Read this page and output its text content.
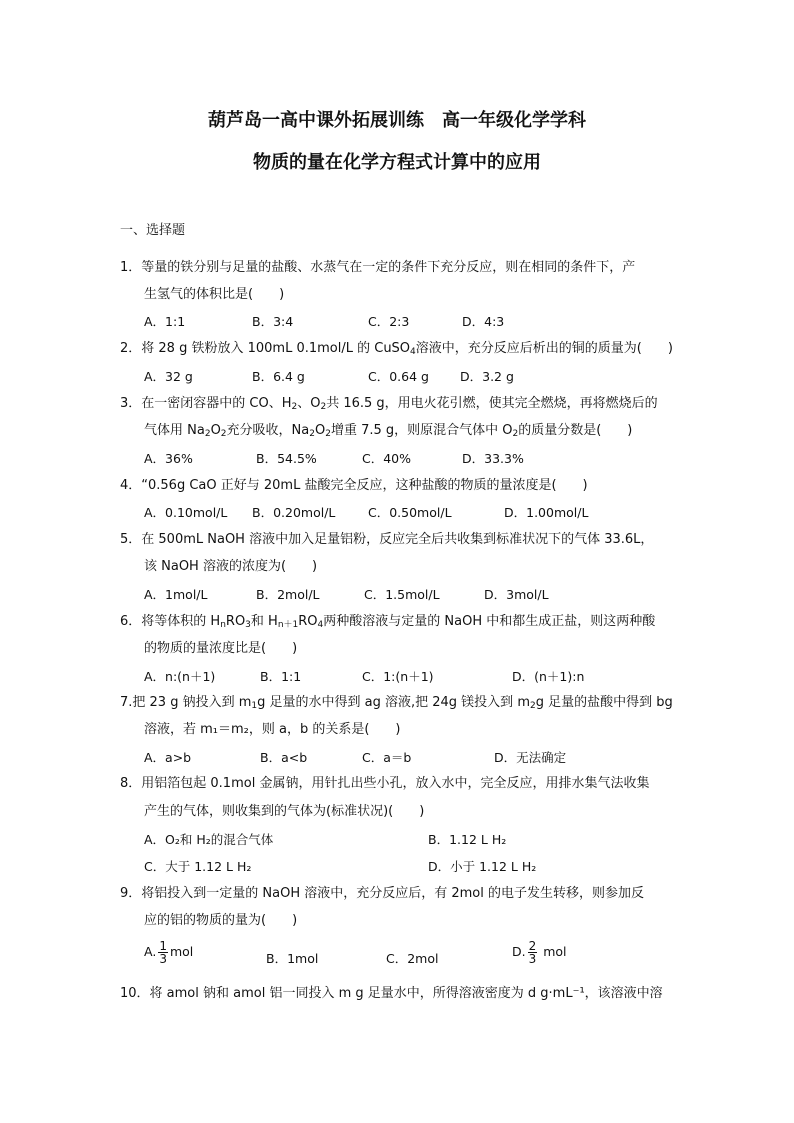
葫芦岛一高中课外拓展训练　高一年级化学学科
物质的量在化学方程式计算中的应用
一、选择题
1．等量的铁分别与足量的盐酸、水蒸气在一定的条件下充分反应，则在相同的条件下，产
生氢气的体积比是(　　)
A．1:1	B．3:4	C．2:3	D．4:3
2．将 28 g 铁粉放入 100mL 0.1mol/L 的 CuSO$_4$溶液中，充分反应后析出的铜的质量为(　　)
A．32 g	B．6.4 g	C．0.64 g D．3.2 g
3．在一密闭容器中的 CO、$H_2$、$O_2$共 16.5 g，用电火花引燃，使其完全燃烧，再将燃烧后的
气体用 $Na_2O_2$充分吸收，$Na_2O_2$增重 7.5 g，则原混合气体中 $O_2$的质量分数是(　　)
A．36%	B．54.5%	C．40%	D．33.3%
4．“0.56g CaO 正好与 20mL 盐酸完全反应，这种盐酸的物质的量浓度是(　　)
A．0.10mol/L B．0.20mol/L	C．0.50mol/L	D．1.00mol/L
5．在 500mL NaOH 溶液中加入足量铝粉，反应完全后共收集到标准状况下的气体 33.6L，
该 NaOH 溶液的浓度为(　　)
A．1mol/L	B．2mol/L	C．1.5mol/L	D．3mol/L
6．将等体积的 $H_nRO_3$和 $H_{n+1}RO_4$两种酸溶液与定量的 NaOH 中和都生成正盐，则这两种酸
的物质的量浓度比是(　　)
A．n:(n＋1)	B．1:1	C．1:(n＋1)	D．(n＋1):n
7.把 23 g 钠投入到 $m_1g$ 足量的水中得到 ag 溶液,把 24g 镁投入到 $m_2g$ 足量的盐酸中得到 bg
溶液，若 m₁＝m₂，则 a，b 的关系是(　　)
A．a>b	B．a<b	C．a＝b	D．无法确定
8．用铝箔包起 0.1mol 金属钠，用针扎出些小孔，放入水中，完全反应，用排水集气法收集
产生的气体，则收集到的气体为(标准状况)(　　)
A．O₂和 H₂的混合气体	B．1.12 L H₂
C．大于 1.12 L H₂	D．小于 1.12 L H₂
9．将铝投入到一定量的 NaOH 溶液中，充分反应后，有 2mol 的电子发生转移，则参加反
应的铝的物质的量为(　　)
A. $\frac{1}{3}$ mol	B．1mol	C．2mol	D. $\frac{2}{3}$ mol
10．将 amol 钠和 amol 铝一同投入 m g 足量水中，所得溶液密度为 d g·mL⁻¹，该溶液中溶
